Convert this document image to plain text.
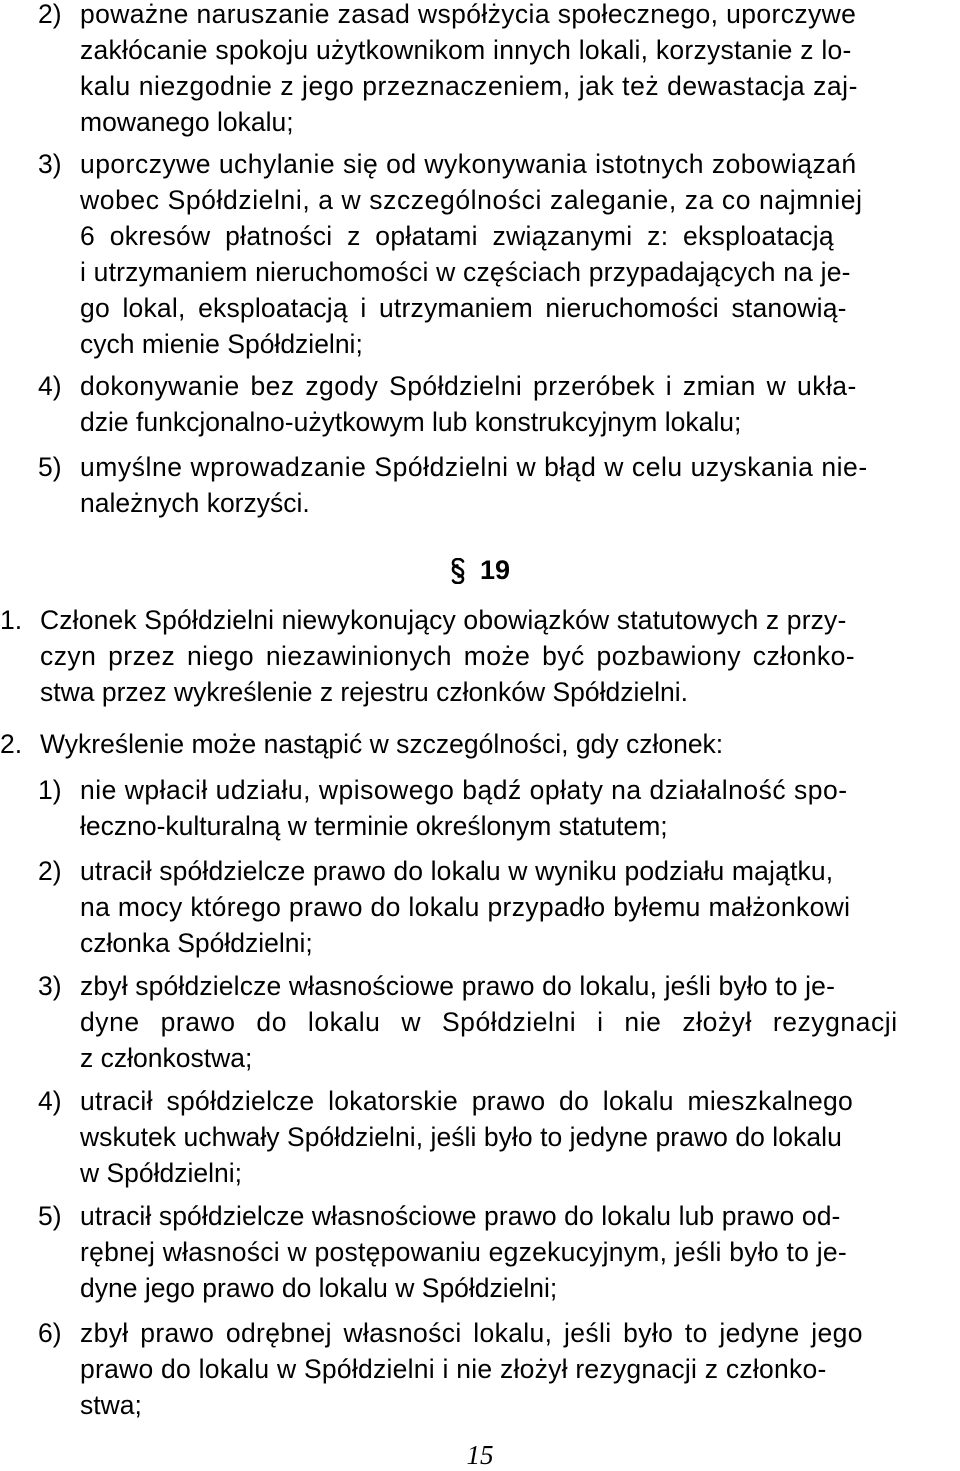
2) poważne naruszanie zasad współżycia społecznego, uporczywe
zakłócanie spokoju użytkownikom innych lokali, korzystanie z lo-
kalu niezgodnie z jego przeznaczeniem, jak też dewastacja zaj-
mowanego lokalu;
3) uporczywe uchylanie się od wykonywania istotnych zobowiązań
wobec Spółdzielni, a w szczególności zaleganie, za co najmniej
6 okresów płatności z opłatami związanymi z: eksploatacją
i utrzymaniem nieruchomości w częściach przypadających na je-
go lokal, eksploatacją i utrzymaniem nieruchomości stanowią-
cych mienie Spółdzielni;
4) dokonywanie bez zgody Spółdzielni przeróbek i zmian w ukła-
dzie funkcjonalno-użytkowym lub konstrukcyjnym lokalu;
5) umyślne wprowadzanie Spółdzielni w błąd w celu uzyskania nie-
należnych korzyści.
19
1. Członek Spółdzielni niewykonujący obowiązków statutowych z przy-
czyn przez niego niezawinionych może być pozbawiony członko-
stwa przez wykreślenie z rejestru członków Spółdzielni.
2. Wykreślenie może nastąpić w szczególności, gdy członek:
1) nie wpłacił udziału, wpisowego bądź opłaty na działalność spo-
łeczno-kulturalną w terminie określonym statutem;
2) utracił spółdzielcze prawo do lokalu w wyniku podziału majątku,
na mocy którego prawo do lokalu przypadło byłemu małżonkowi
członka Spółdzielni;
3) zbył spółdzielcze własnościowe prawo do lokalu, jeśli było to je-
dyne prawo do lokalu w Spółdzielni i nie złożył rezygnacji
z członkostwa;
4) utracił spółdzielcze lokatorskie prawo do lokalu mieszkalnego
wskutek uchwały Spółdzielni, jeśli było to jedyne prawo do lokalu
w Spółdzielni;
5) utracił spółdzielcze własnościowe prawo do lokalu lub prawo od-
rębnej własności w postępowaniu egzekucyjnym, jeśli było to je-
dyne jego prawo do lokalu w Spółdzielni;
6) zbył prawo odrębnej własności lokalu, jeśli było to jedyne jego
prawo do lokalu w Spółdzielni i nie złożył rezygnacji z członko-
stwa;
15
